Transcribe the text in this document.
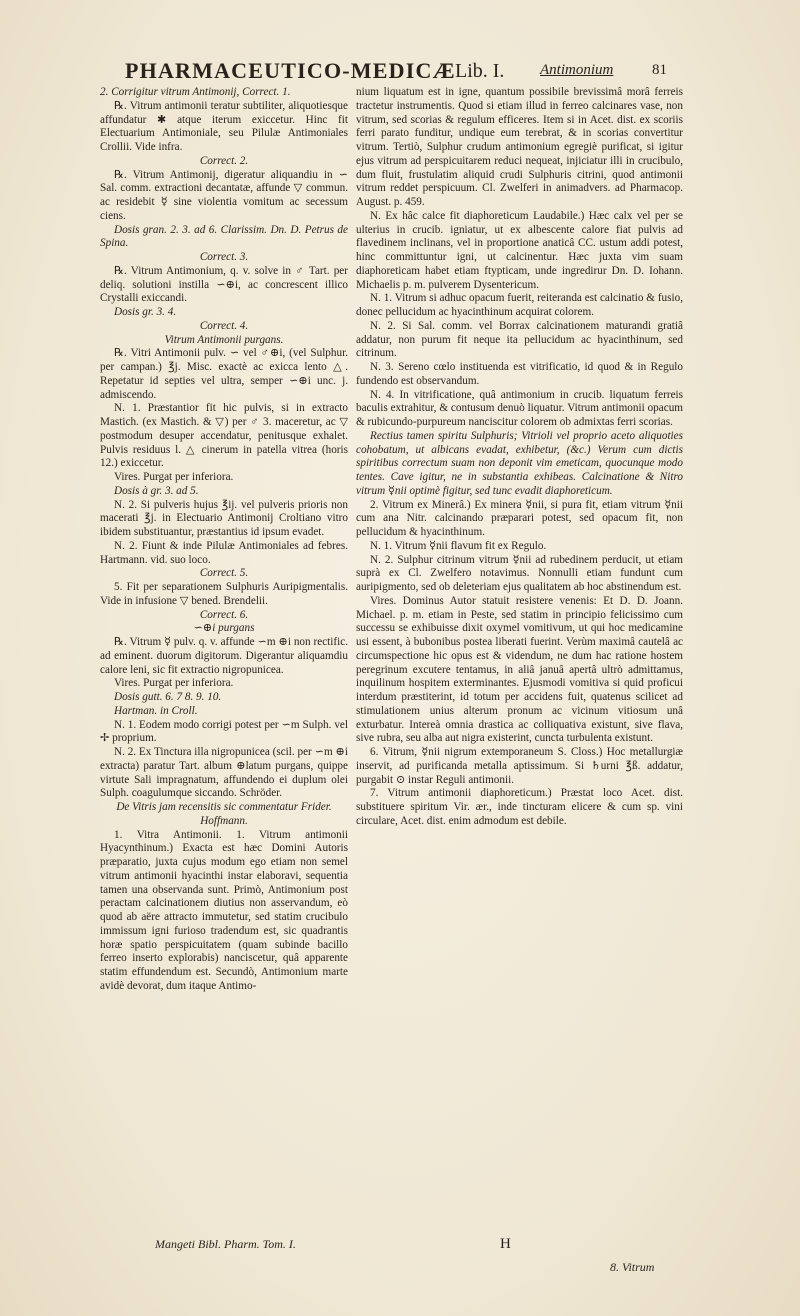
PHARMACEUTICO-MEDICÆ Lib. I. Antimonium	81

2. Corrigitur vitrum Antimonij, Correct. 1.

℞. Vitrum antimonii teratur subtiliter, aliquotiesque affundatur ✱ atque iterum exiccetur. Hinc fit Electuarium Antimoniale, seu Pilulæ Antimoniales Crollii. Vide infra.

Correct. 2.

℞. Vitrum Antimonij, digeratur aliquandiu in ∽ Sal. comm. extractioni decantatæ, affunde ▽ commun. ac residebit ☿ sine violentia vomitum ac secessum ciens.

Dosis gran. 2. 3. ad 6. Clarissim. Dn. D. Petrus de Spina.

Correct. 3.

℞. Vitrum Antimonium, q. v. solve in ♂ Tart. per deliq. solutioni instilla ∽⊕i, ac concrescent illico Crystalli exiccandi.

Dosis gr. 3. 4.

Correct. 4.

Vitrum Antimonii purgans.

℞. Vitri Antimonii pulv. ∽ vel ♂⊕i, (vel Sulphur. per campan.) ℥j. Misc. exactè ac exicca lento △. Repetatur id septies vel ultra, semper ∽⊕i unc. j. admiscendo.

N. 1. Præstantior fit hic pulvis, si in extracto Mastich. (ex Mastich. & ▽) per ♂ 3. maceretur, ac ▽ postmodum desuper accendatur, penitusque exhalet. Pulvis residuus l. △ cinerum in patella vitrea (horis 12.) exiccetur.

Vires. Purgat per inferiora.

Dosis à gr. 3. ad 5.

N. 2. Si pulveris hujus ℥ij. vel pulveris prioris non macerati ℥j. in Electuario Antimonij Croltiano vitro ibidem substituantur, præstantius id ipsum evadet.

N. 2. Fiunt & inde Pilulæ Antimoniales ad febres. Hartmann. vid. suo loco.

Correct. 5.

5. Fit per separationem Sulphuris Auripigmentalis. Vide in infusione ▽ bened. Brendelii.

Correct. 6.

∽⊕i purgans

℞. Vitrum ☿ pulv. q. v. affunde ∽m ⊕i non rectific. ad eminent. duorum digitorum. Digerantur aliquamdiu calore leni, sic fit extractio nigropunicea.

Vires. Purgat per inferiora.

Dosis gutt. 6. 7 8. 9. 10.

Hartman. in Croll.

N. 1. Eodem modo corrigi potest per ∽m Sulph. vel ✢ proprium.

N. 2. Ex Tinctura illa nigropunicea (scil. per ∽m ⊕i extracta) paratur Tart. album ⊕latum purgans, quippe virtute Sali impragnatum, affundendo ei duplum olei Sulph. coagulumque siccando. Schröder.

De Vitris jam recensitis sic commentatur Frider. Hoffmann.

1. Vitra Antimonii. 1. Vitrum antimonii Hyacynthinum.) Exacta est hæc Domini Autoris præparatio, juxta cujus modum ego etiam non semel vitrum antimonii hyacinthi instar elaboravi, sequentia tamen una observanda sunt. Primò, Antimonium post peractam calcinationem diutius non asservandum, eò quod ab aëre attracto immutetur, sed statim crucibulo immissum igni furioso tradendum est, sic quadrantis horæ spatio perspicuitatem (quam subinde bacillo ferreo inserto explorabis) nanciscetur, quâ apparente statim effundendum est. Secundò, Antimonium marte avidè devorat, dum itaque Antimo-

nium liquatum est in igne, quantum possibile brevissimâ morâ ferreis tractetur instrumentis. Quod si etiam illud in ferreo calcinares vase, non vitrum, sed scorias & regulum efficeres. Item si in Acet. dist. ex scoriis ferri parato funditur, undique eum terebrat, & in scorias convertitur vitrum. Tertiò, Sulphur crudum antimonium egregiè purificat, si igitur ejus vitrum ad perspicuitarem reduci nequeat, injiciatur illi in crucibulo, dum fluit, frustulatim aliquid crudi Sulphuris citrini, quod antimonii vitrum reddet perspicuum. Cl. Zwelferi in animadvers. ad Pharmacop. August. p. 459.

N. Ex hâc calce fit diaphoreticum Laudabile.) Hæc calx vel per se ulterius in crucib. igniatur, ut ex albescente calore fiat pulvis ad flavedinem inclinans, vel in proportione anaticâ CC. ustum addi potest, hinc committuntur igni, ut calcinentur. Hæc juxta vim suam diaphoreticam habet etiam ftypticam, unde ingredirur Dn. D. Iohann. Michaelis p. m. pulverem Dysentericum.

N. 1. Vitrum si adhuc opacum fuerit, reiteranda est calcinatio & fusio, donec pellucidum ac hyacinthinum acquirat colorem.

N. 2. Si Sal. comm. vel Borrax calcinationem maturandi gratiâ addatur, non purum fit neque ita pellucidum ac hyacinthinum, sed citrinum.

N. 3. Sereno cœlo instituenda est vitrificatio, id quod & in Regulo fundendo est observandum.

N. 4. In vitrificatione, quâ antimonium in crucib. liquatum ferreis baculis extrahitur, & contusum denuò liquatur. Vitrum antimonii opacum & rubicundo-purpureum nanciscitur colorem ob admixtas ferri scorias.

Rectius tamen spiritu Sulphuris; Vitrioli vel proprio aceto aliquoties cohobatum, ut albicans evadat, exhibetur, (&c.) Verum cum dictis spiritibus correctum suam non deponit vim emeticam, quocunque modo tentes. Cave igitur, ne in substantia exhibeas. Calcinatione & Nitro vitrum ☿nii optimè figitur, sed tunc evadit diaphoreticum.

2. Vitrum ex Minerâ.) Ex minera ☿nii, si pura fit, etiam vitrum ☿nii cum ana Nitr. calcinando præparari potest, sed opacum fit, non pellucidum & hyacinthinum.

N. 1. Vitrum ☿nii flavum fit ex Regulo.

N. 2. Sulphur citrinum vitrum ☿nii ad rubedinem perducit, ut etiam suprà ex Cl. Zwelfero notavimus. Nonnulli etiam fundunt cum auripigmento, sed ob deleteriam ejus qualitatem ab hoc abstinendum est.

Vires. Dominus Autor statuit resistere venenis: Et D. D. Joann. Michael. p. m. etiam in Peste, sed statim in principio felicissimo cum successu se exhibuisse dixit oxymel vomitivum, ut qui hoc medicamine usi essent, à bubonibus postea liberati fuerint. Verùm maximâ cautelâ ac circumspectione hic opus est & videndum, ne dum hac ratione hostem peregrinum excutere tentamus, in aliâ januâ apertâ ultrò admittamus, inquilinum hospitem exterminantes. Ejusmodi vomitiva si quid proficui interdum præstiterint, id totum per accidens fuit, quatenus scilicet ad stimulationem unius alterum pronum ac vicinum vitiosum unâ exturbatur. Intereà omnia drastica ac colliquativa existunt, sive flava, sive rubra, seu alba aut nigra existerint, cuncta turbulenta existunt.

6. Vitrum, ☿nii nigrum extemporaneum S. Closs.) Hoc metallurgiæ inservit, ad purificanda metalla aptissimum. Si ♄urni ℥ß. addatur, purgabit ⊙ instar Reguli antimonii.

7. Vitrum antimonii diaphoreticum.) Præstat loco Acet. dist. substituere spiritum Vir. ær., inde tincturam elicere & cum sp. vini circulare, Acet. dist. enim admodum est debile.

Mangeti Bibl. Pharm. Tom. I.	H
8. Vitrum
